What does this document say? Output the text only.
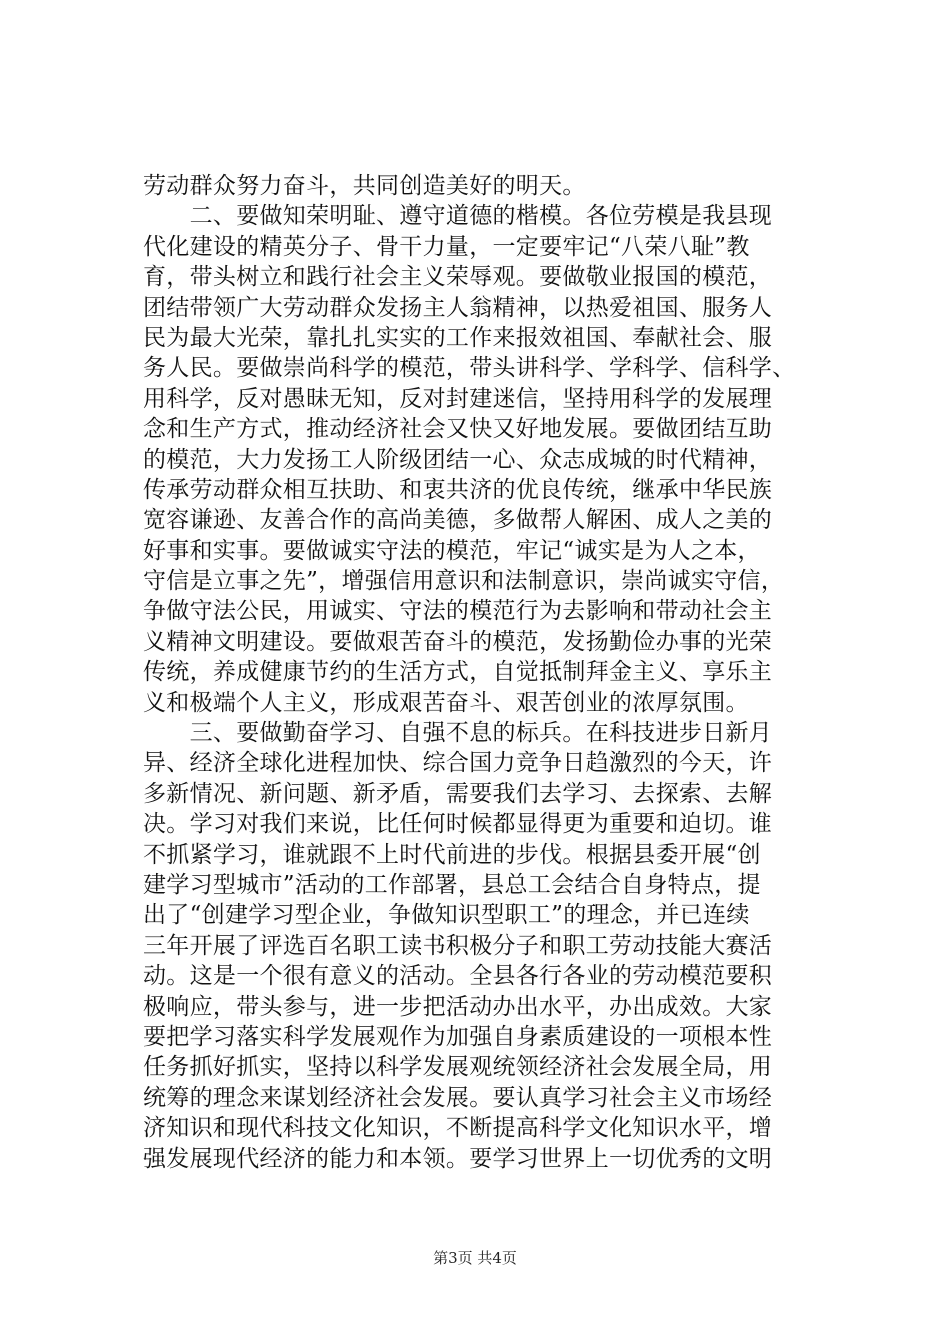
劳动群众努力奋斗，共同创造美好的明天。
　　二、要做知荣明耻、遵守道德的楷模。各位劳模是我县现
代化建设的精英分子、骨干力量，一定要牢记“八荣八耻”教
育，带头树立和践行社会主义荣辱观。要做敬业报国的模范，
团结带领广大劳动群众发扬主人翁精神，以热爱祖国、服务人
民为最大光荣，靠扎扎实实的工作来报效祖国、奉献社会、服
务人民。要做崇尚科学的模范，带头讲科学、学科学、信科学、
用科学，反对愚昧无知，反对封建迷信，坚持用科学的发展理
念和生产方式，推动经济社会又快又好地发展。要做团结互助
的模范，大力发扬工人阶级团结一心、众志成城的时代精神，
传承劳动群众相互扶助、和衷共济的优良传统，继承中华民族
宽容谦逊、友善合作的高尚美德，多做帮人解困、成人之美的
好事和实事。要做诚实守法的模范，牢记“诚实是为人之本，
守信是立事之先”，增强信用意识和法制意识，崇尚诚实守信，
争做守法公民，用诚实、守法的模范行为去影响和带动社会主
义精神文明建设。要做艰苦奋斗的模范，发扬勤俭办事的光荣
传统，养成健康节约的生活方式，自觉抵制拜金主义、享乐主
义和极端个人主义，形成艰苦奋斗、艰苦创业的浓厚氛围。
　　三、要做勤奋学习、自强不息的标兵。在科技进步日新月
异、经济全球化进程加快、综合国力竞争日趋激烈的今天，许
多新情况、新问题、新矛盾，需要我们去学习、去探索、去解
决。学习对我们来说，比任何时候都显得更为重要和迫切。谁
不抓紧学习，谁就跟不上时代前进的步伐。根据县委开展“创
建学习型城市”活动的工作部署，县总工会结合自身特点，提
出了“创建学习型企业，争做知识型职工”的理念，并已连续
三年开展了评选百名职工读书积极分子和职工劳动技能大赛活
动。这是一个很有意义的活动。全县各行各业的劳动模范要积
极响应，带头参与，进一步把活动办出水平，办出成效。大家
要把学习落实科学发展观作为加强自身素质建设的一项根本性
任务抓好抓实，坚持以科学发展观统领经济社会发展全局，用
统筹的理念来谋划经济社会发展。要认真学习社会主义市场经
济知识和现代科技文化知识，不断提高科学文化知识水平，增
强发展现代经济的能力和本领。要学习世界上一切优秀的文明
第3页 共4页
